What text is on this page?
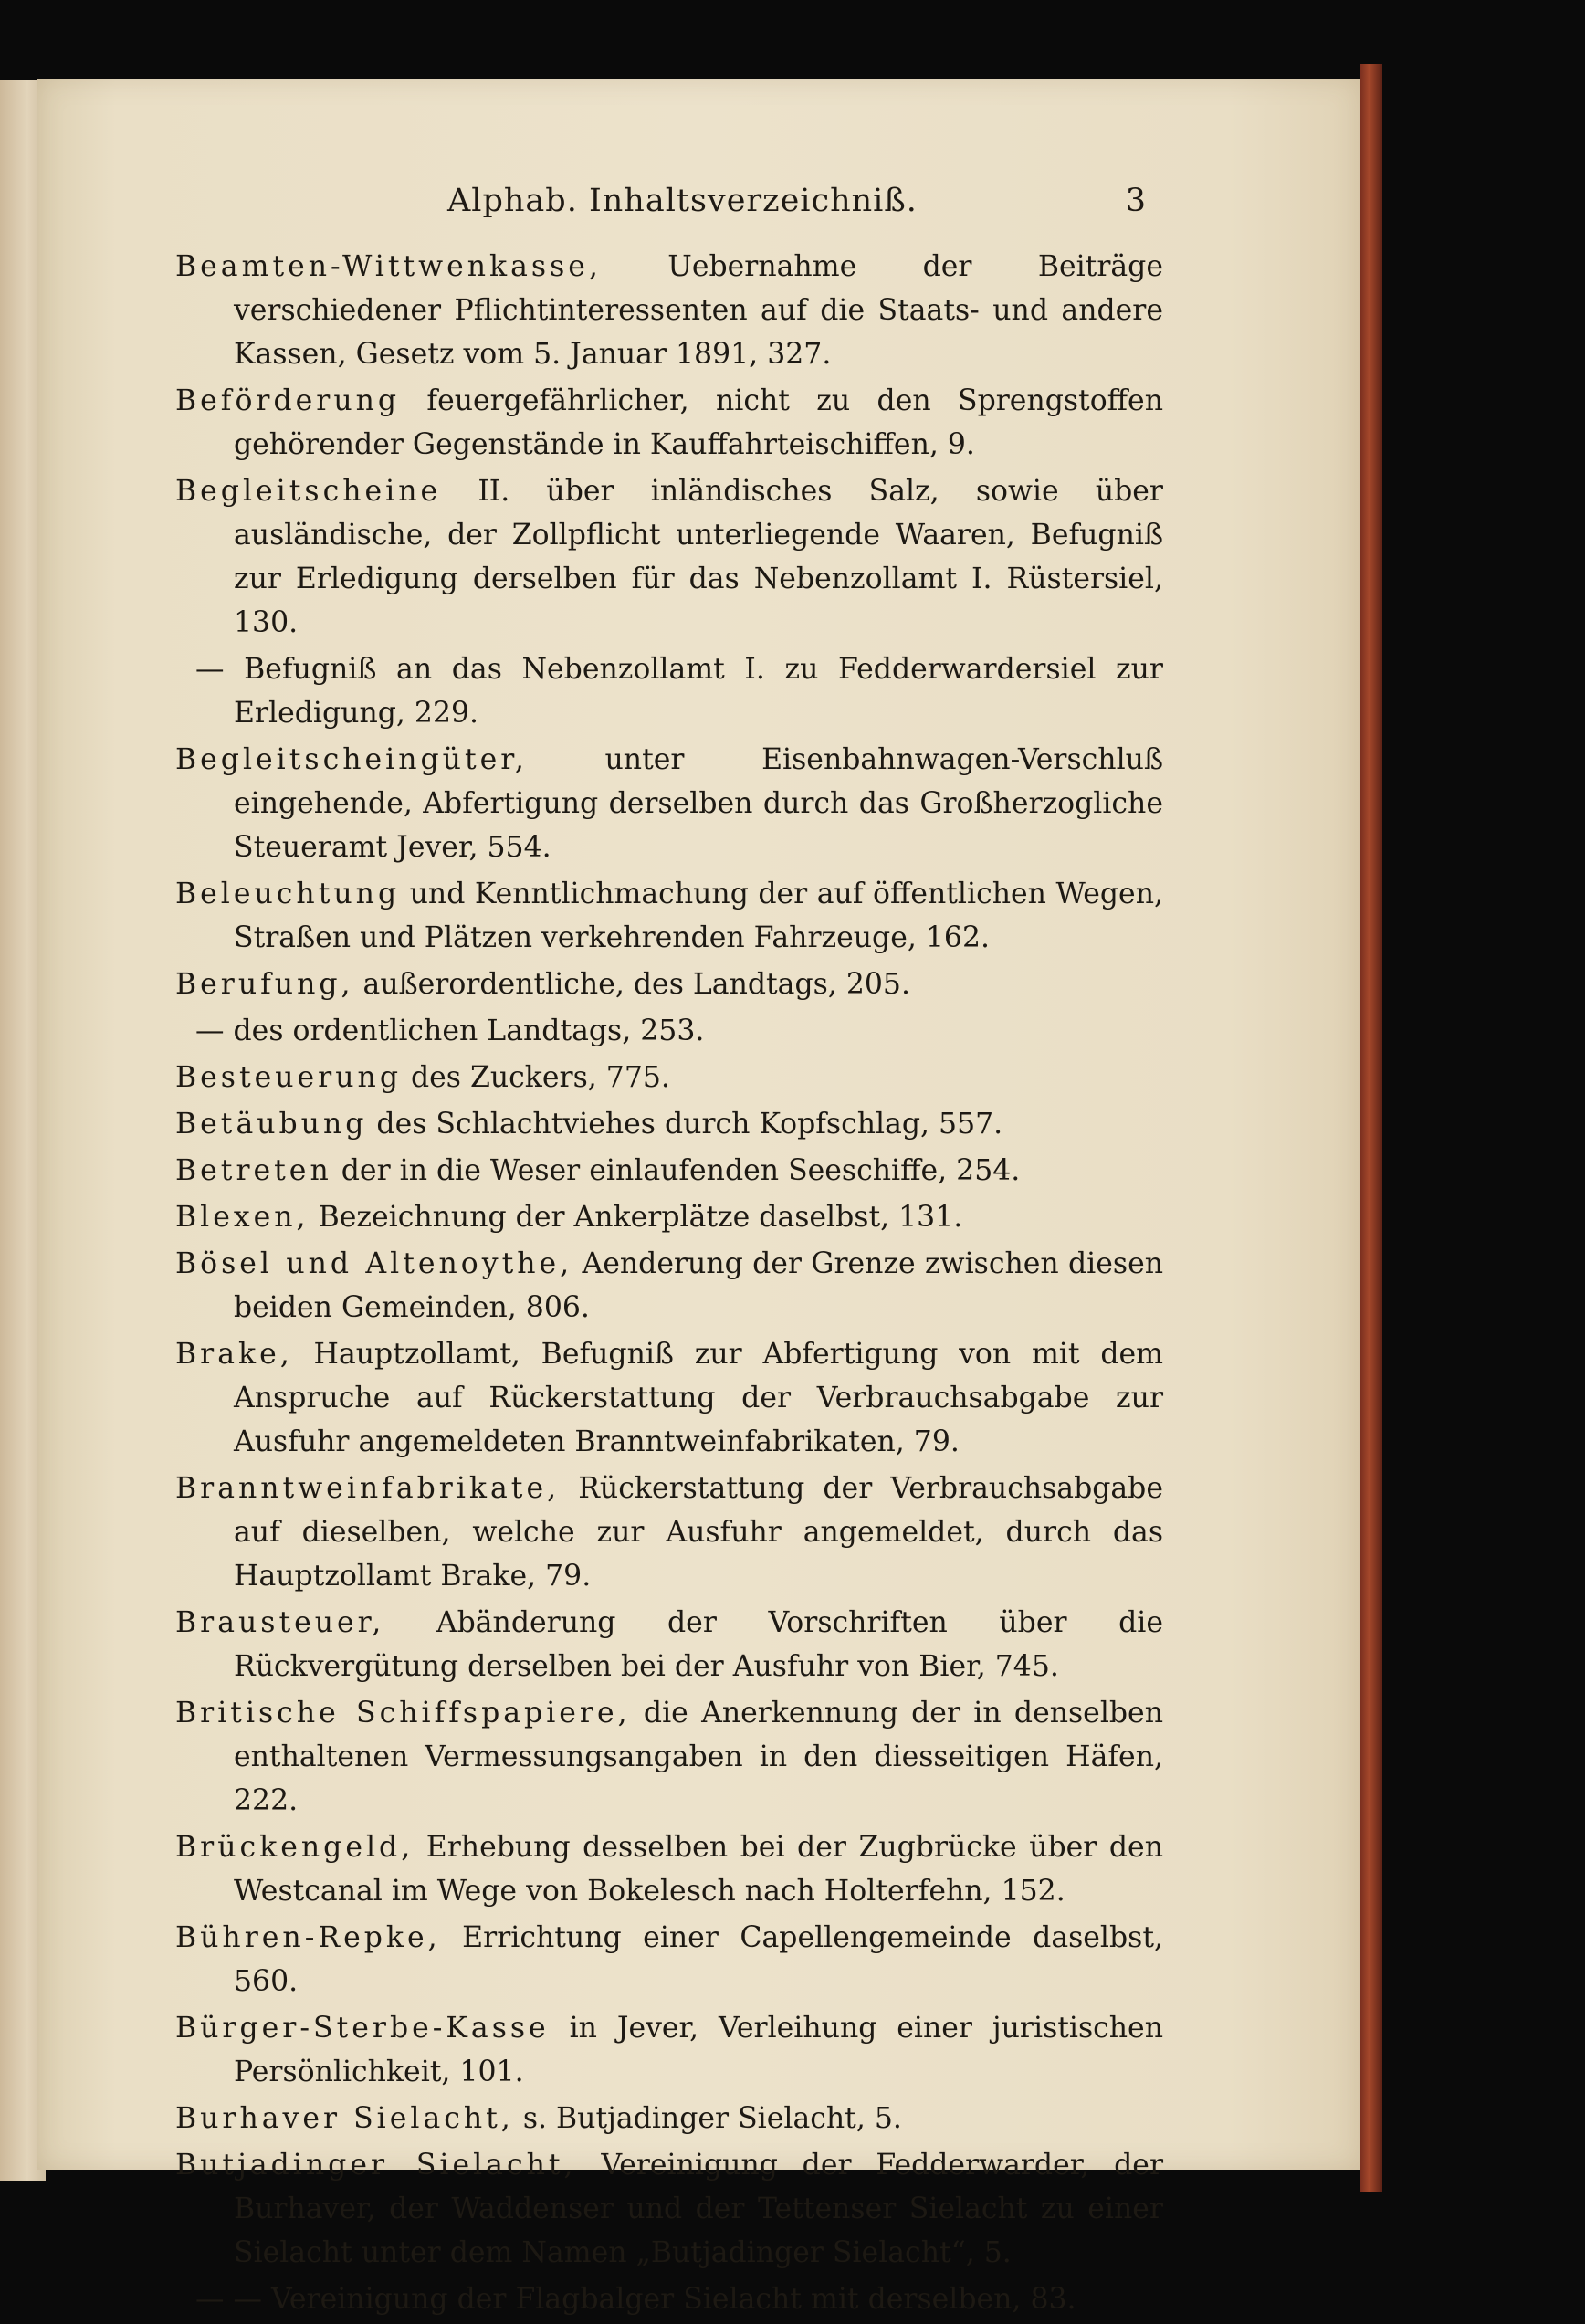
Alphab. Inhaltsverzeichniß.	3

Beamten-Wittwenkasse, Uebernahme der Beiträge verschiedener Pflichtinteressenten auf die Staats- und andere Kassen, Gesetz vom 5. Januar 1891, 327.

Beförderung feuergefährlicher, nicht zu den Sprengstoffen gehörender Gegenstände in Kauffahrteischiffen, 9.

Begleitscheine II. über inländisches Salz, sowie über ausländische, der Zollpflicht unterliegende Waaren, Befugniß zur Erledigung derselben für das Nebenzollamt I. Rüstersiel, 130.

— Befugniß an das Nebenzollamt I. zu Fedderwardersiel zur Erledigung, 229.

Begleitscheingüter, unter Eisenbahnwagen-Verschluß eingehende, Abfertigung derselben durch das Großherzogliche Steueramt Jever, 554.

Beleuchtung und Kenntlichmachung der auf öffentlichen Wegen, Straßen und Plätzen verkehrenden Fahrzeuge, 162.

Berufung, außerordentliche, des Landtags, 205.

— des ordentlichen Landtags, 253.

Besteuerung des Zuckers, 775.

Betäubung des Schlachtviehes durch Kopfschlag, 557.

Betreten der in die Weser einlaufenden Seeschiffe, 254.

Blexen, Bezeichnung der Ankerplätze daselbst, 131.

Bösel und Altenoythe, Aenderung der Grenze zwischen diesen beiden Gemeinden, 806.

Brake, Hauptzollamt, Befugniß zur Abfertigung von mit dem Anspruche auf Rückerstattung der Verbrauchsabgabe zur Ausfuhr angemeldeten Branntweinfabrikaten, 79.

Branntweinfabrikate, Rückerstattung der Verbrauchsabgabe auf dieselben, welche zur Ausfuhr angemeldet, durch das Hauptzollamt Brake, 79.

Brausteuer, Abänderung der Vorschriften über die Rückvergütung derselben bei der Ausfuhr von Bier, 745.

Britische Schiffspapiere, die Anerkennung der in denselben enthaltenen Vermessungsangaben in den diesseitigen Häfen, 222.

Brückengeld, Erhebung desselben bei der Zugbrücke über den Westcanal im Wege von Bokelesch nach Holterfehn, 152.

Bühren-Repke, Errichtung einer Capellengemeinde daselbst, 560.

Bürger-Sterbe-Kasse in Jever, Verleihung einer juristischen Persönlichkeit, 101.

Burhaver Sielacht, s. Butjadinger Sielacht, 5.

Butjadinger Sielacht, Vereinigung der Fedderwarder, der Burhaver, der Waddenser und der Tettenser Sielacht zu einer Sielacht unter dem Namen „Butjadinger Sielacht“, 5.

— — Vereinigung der Flagbalger Sielacht mit derselben, 83.
